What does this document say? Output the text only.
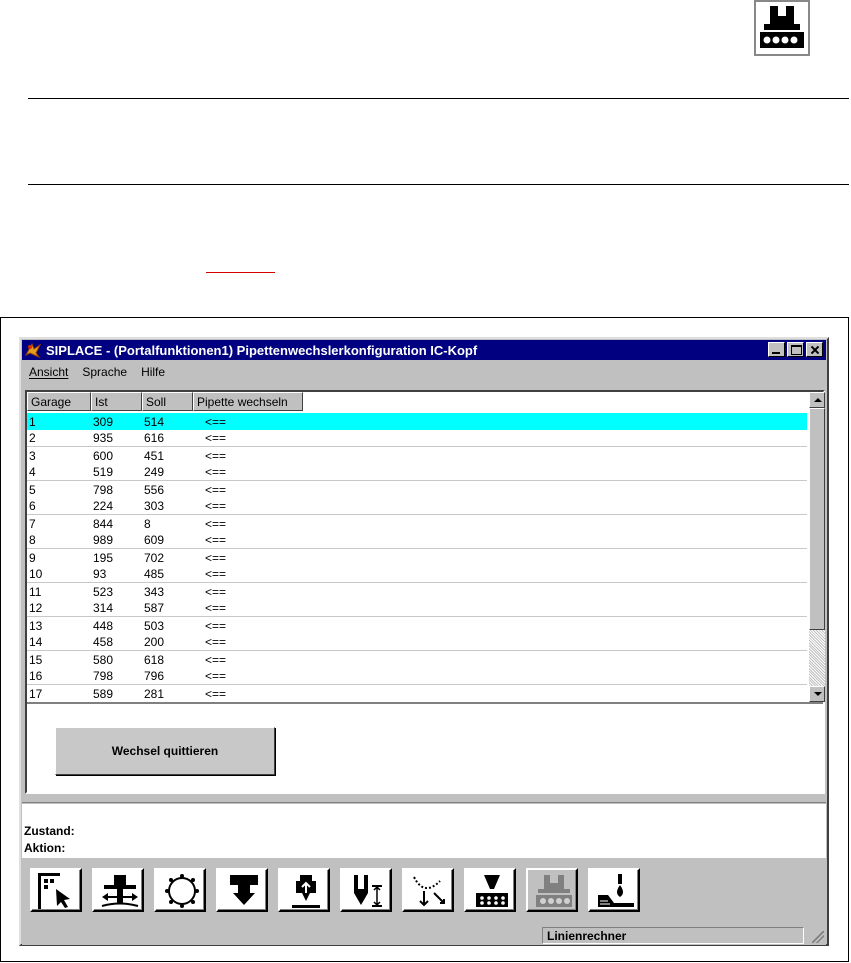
SIPLACE - (Portalfunktionen1) Pipettenwechslerkonfiguration IC-Kopf
Ansicht	Sprache	Hilfe
Garage	Ist	Soll	Pipette wechseln
1	309	514	<==
2	935	616	<==
3	600	451	<==
4	519	249	<==
5	798	556	<==
6	224	303	<==
7	844	8	<==
8	989	609	<==
9	195	702	<==
10	93	485	<==
11	523	343	<==
12	314	587	<==
13	448	503	<==
14	458	200	<==
15	580	618	<==
16	798	796	<==
17	589	281	<==
Wechsel quittieren
Zustand:
Aktion:
Linienrechner
